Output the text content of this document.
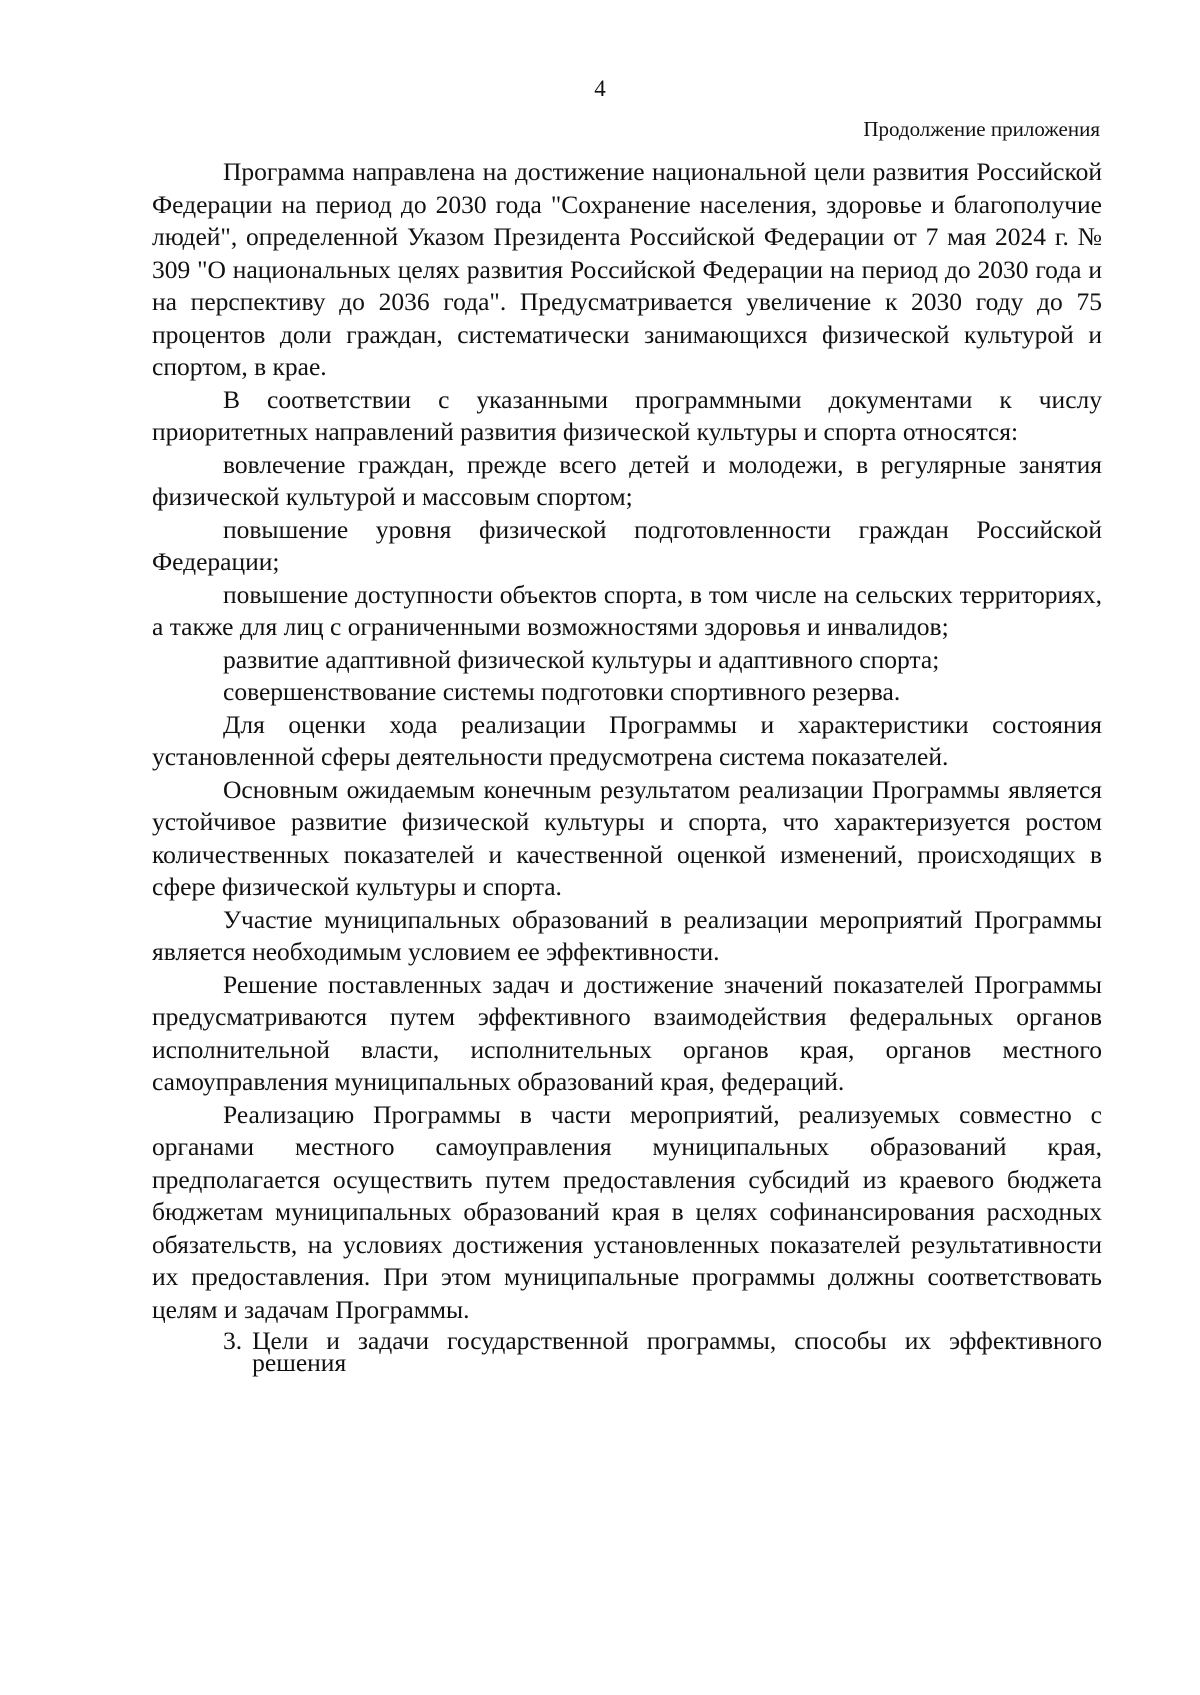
4
Продолжение приложения

Программа направлена на достижение национальной цели развития Российской Федерации на период до 2030 года "Сохранение населения, здоровье и благополучие людей", определенной Указом Президента Российской Федерации от 7 мая 2024 г. № 309 "О национальных целях развития Российской Федерации на период до 2030 года и на перспективу до 2036 года". Предусматривается увеличение к 2030 году до 75 процентов доли граждан, систематически занимающихся физической культурой и спортом, в крае.

В соответствии с указанными программными документами к числу приоритетных направлений развития физической культуры и спорта относятся:

вовлечение граждан, прежде всего детей и молодежи, в регулярные занятия физической культурой и массовым спортом;

повышение уровня физической подготовленности граждан Российской Федерации;

повышение доступности объектов спорта, в том числе на сельских территориях, а также для лиц с ограниченными возможностями здоровья и инвалидов;

развитие адаптивной физической культуры и адаптивного спорта;

совершенствование системы подготовки спортивного резерва.

Для оценки хода реализации Программы и характеристики состояния установленной сферы деятельности предусмотрена система показателей.

Основным ожидаемым конечным результатом реализации Программы является устойчивое развитие физической культуры и спорта, что характеризуется ростом количественных показателей и качественной оценкой изменений, происходящих в сфере физической культуры и спорта.

Участие муниципальных образований в реализации мероприятий Программы является необходимым условием ее эффективности.

Решение поставленных задач и достижение значений показателей Программы предусматриваются путем эффективного взаимодействия федеральных органов исполнительной власти, исполнительных органов края, органов местного самоуправления муниципальных образований края, федераций.

Реализацию Программы в части мероприятий, реализуемых совместно с органами местного самоуправления муниципальных образований края, предполагается осуществить путем предоставления субсидий из краевого бюджета бюджетам муниципальных образований края в целях софинансирования расходных обязательств, на условиях достижения установленных показателей результативности их предоставления. При этом муниципальные программы должны соответствовать целям и задачам Программы.

3. Цели и задачи государственной программы, способы их эффективного решения
